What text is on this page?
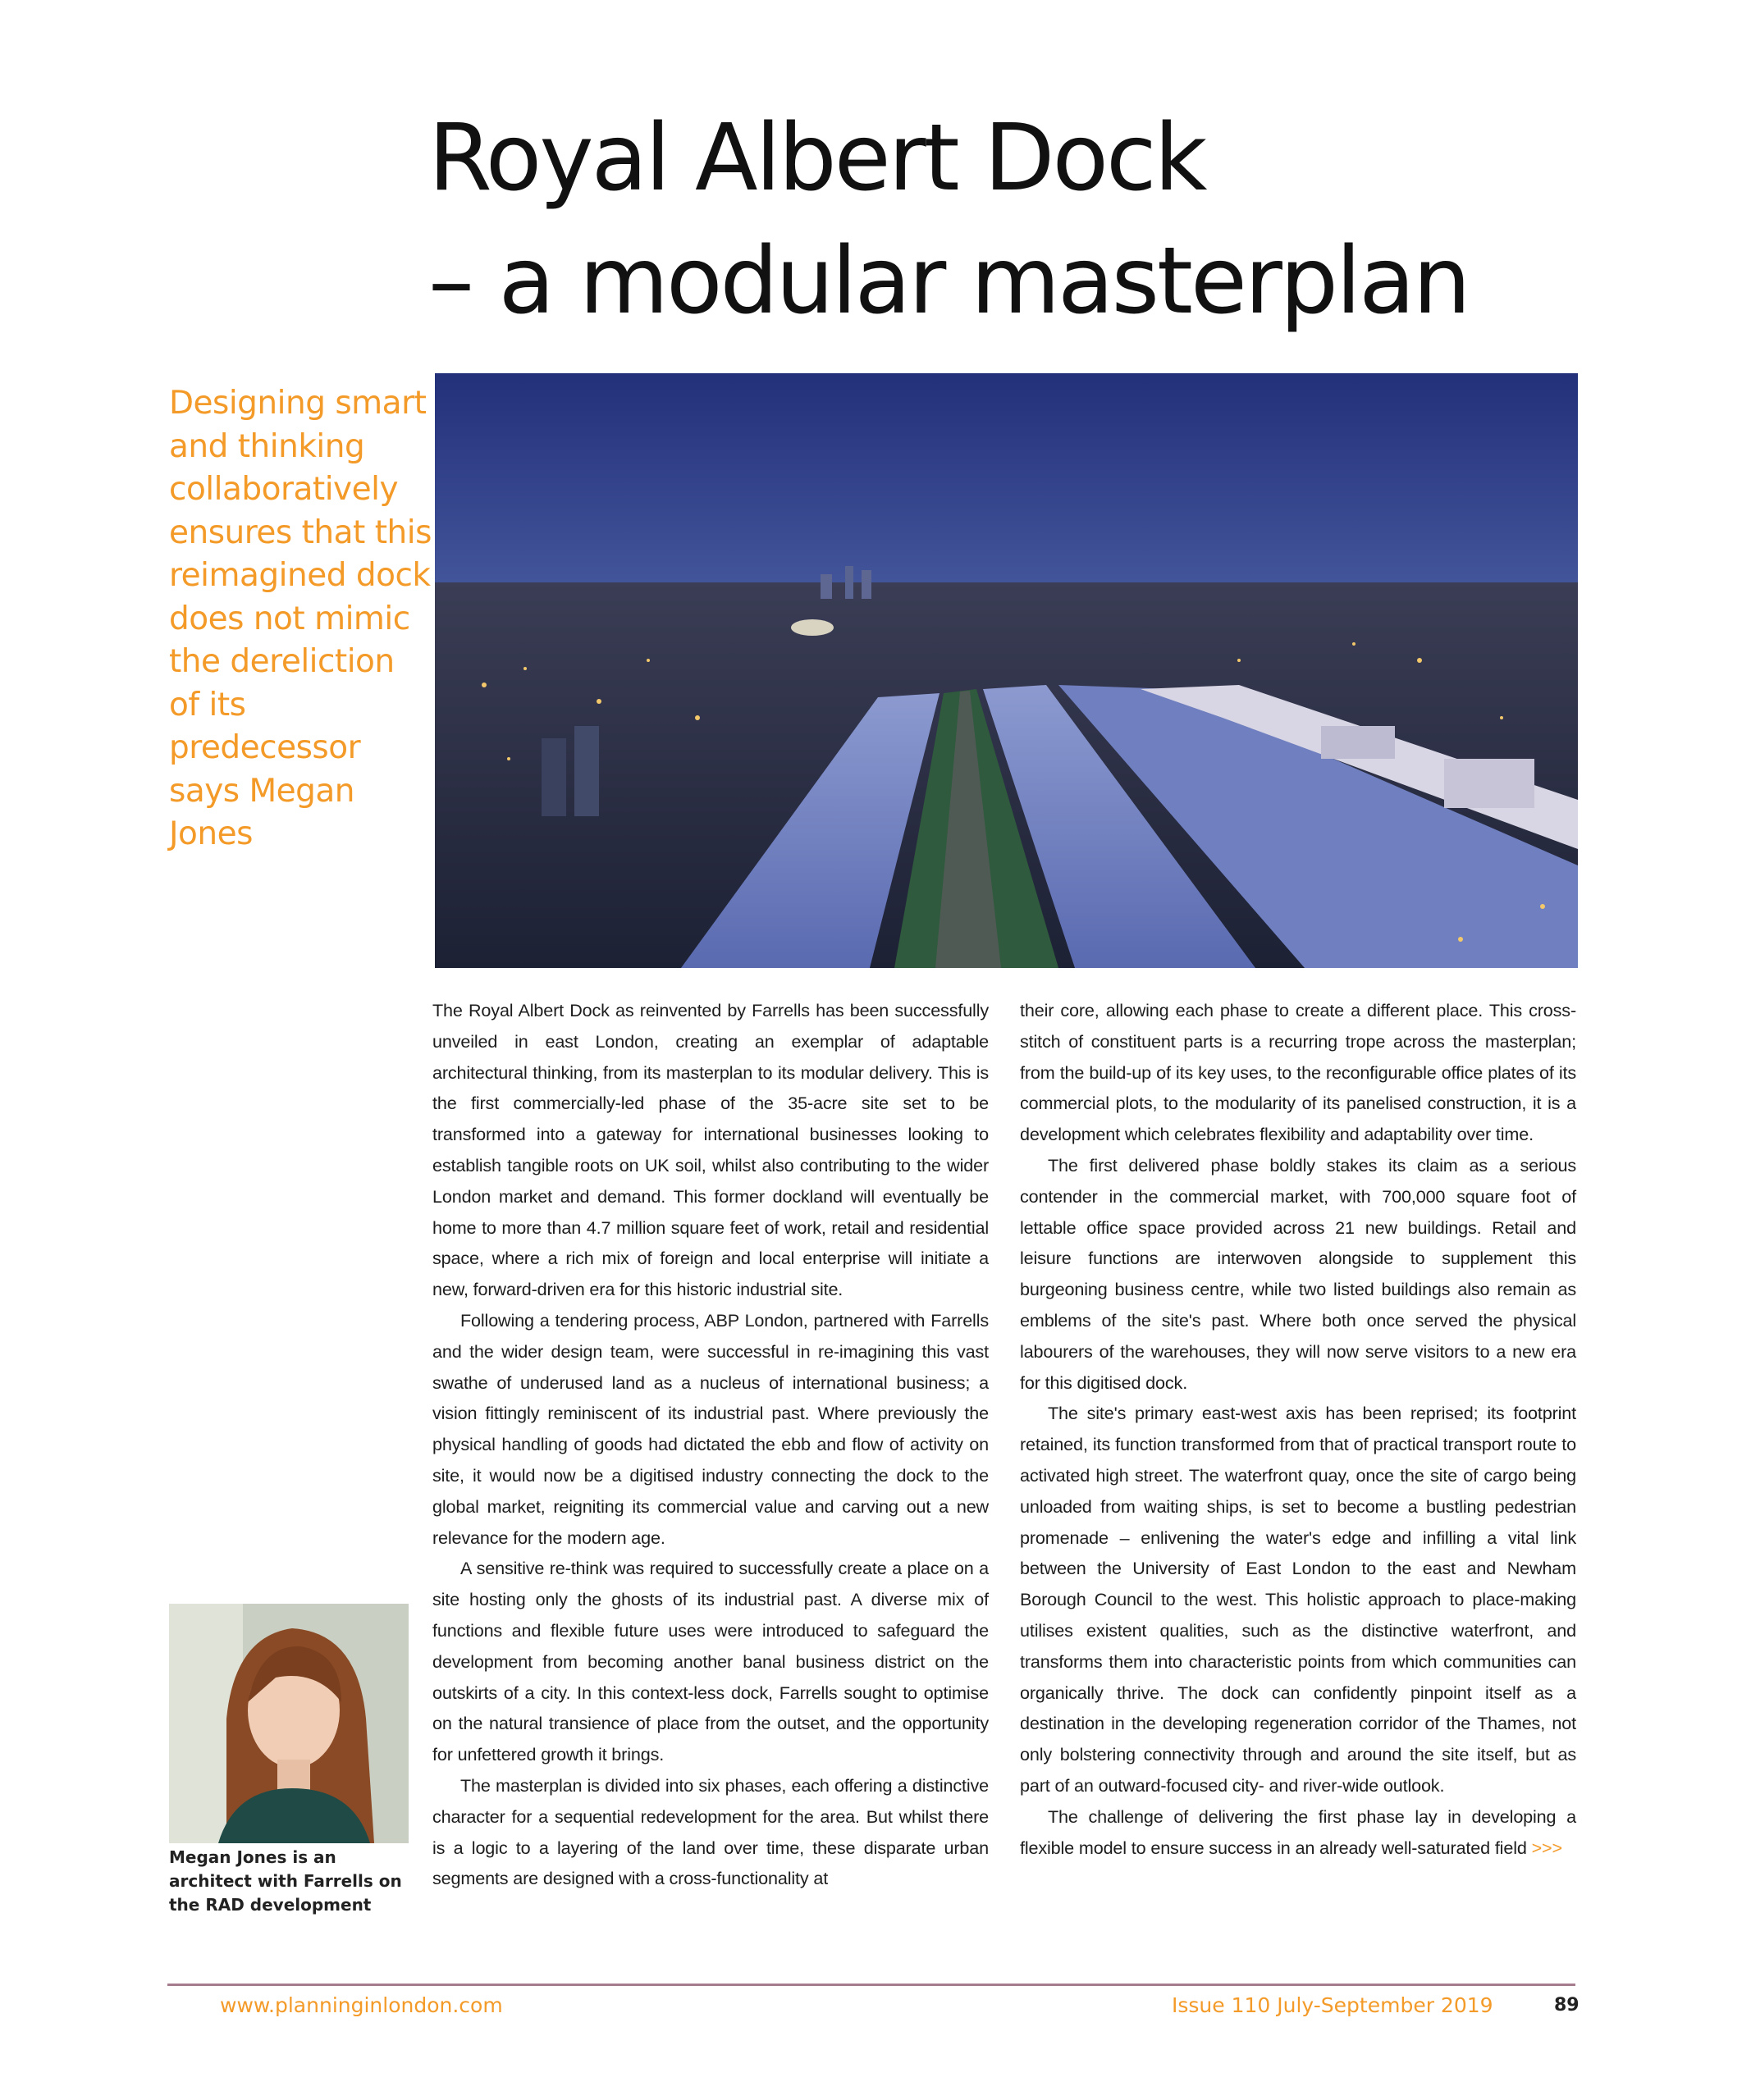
Royal Albert Dock
– a modular masterplan
Designing smart and thinking collaboratively ensures that this reimagined dock does not mimic the dereliction of its predecessor says Megan Jones
Megan Jones is an architect with Farrells on the RAD development

The Royal Albert Dock as reinvented by Farrells has been successfully unveiled in east London, creating an exemplar of adaptable architectural thinking, from its masterplan to its modular delivery. This is the first commercially-led phase of the 35-acre site set to be transformed into a gateway for international businesses looking to establish tangible roots on UK soil, whilst also contributing to the wider London market and demand. This former dockland will eventually be home to more than 4.7 million square feet of work, retail and residential space, where a rich mix of foreign and local enterprise will initiate a new, forward-driven era for this historic industrial site.

Following a tendering process, ABP London, partnered with Farrells and the wider design team, were successful in re-imagining this vast swathe of underused land as a nucleus of international business; a vision fittingly reminiscent of its industrial past. Where previously the physical handling of goods had dictated the ebb and flow of activity on site, it would now be a digitised industry connecting the dock to the global market, reigniting its commercial value and carving out a new relevance for the modern age.

A sensitive re-think was required to successfully create a place on a site hosting only the ghosts of its industrial past. A diverse mix of functions and flexible future uses were introduced to safeguard the development from becoming another banal business district on the outskirts of a city. In this context-less dock, Farrells sought to optimise on the natural transience of place from the outset, and the opportunity for unfettered growth it brings.

The masterplan is divided into six phases, each offering a distinctive character for a sequential redevelopment for the area. But whilst there is a logic to a layering of the land over time, these disparate urban segments are designed with a cross-functionality at

their core, allowing each phase to create a different place. This cross-stitch of constituent parts is a recurring trope across the masterplan; from the build-up of its key uses, to the reconfigurable office plates of its commercial plots, to the modularity of its panelised construction, it is a development which celebrates flexibility and adaptability over time.

The first delivered phase boldly stakes its claim as a serious contender in the commercial market, with 700,000 square foot of lettable office space provided across 21 new buildings. Retail and leisure functions are interwoven alongside to supplement this burgeoning business centre, while two listed buildings also remain as emblems of the site's past. Where both once served the physical labourers of the warehouses, they will now serve visitors to a new era for this digitised dock.

The site's primary east-west axis has been reprised; its footprint retained, its function transformed from that of practical transport route to activated high street. The waterfront quay, once the site of cargo being unloaded from waiting ships, is set to become a bustling pedestrian promenade – enlivening the water's edge and infilling a vital link between the University of East London to the east and Newham Borough Council to the west. This holistic approach to place-making utilises existent qualities, such as the distinctive waterfront, and transforms them into characteristic points from which communities can organically thrive. The dock can confidently pinpoint itself as a destination in the developing regeneration corridor of the Thames, not only bolstering connectivity through and around the site itself, but as part of an outward-focused city- and river-wide outlook.

The challenge of delivering the first phase lay in developing a flexible model to ensure success in an already well-saturated field >>>

www.planninginlondon.com	Issue 110 July-September 2019	89
